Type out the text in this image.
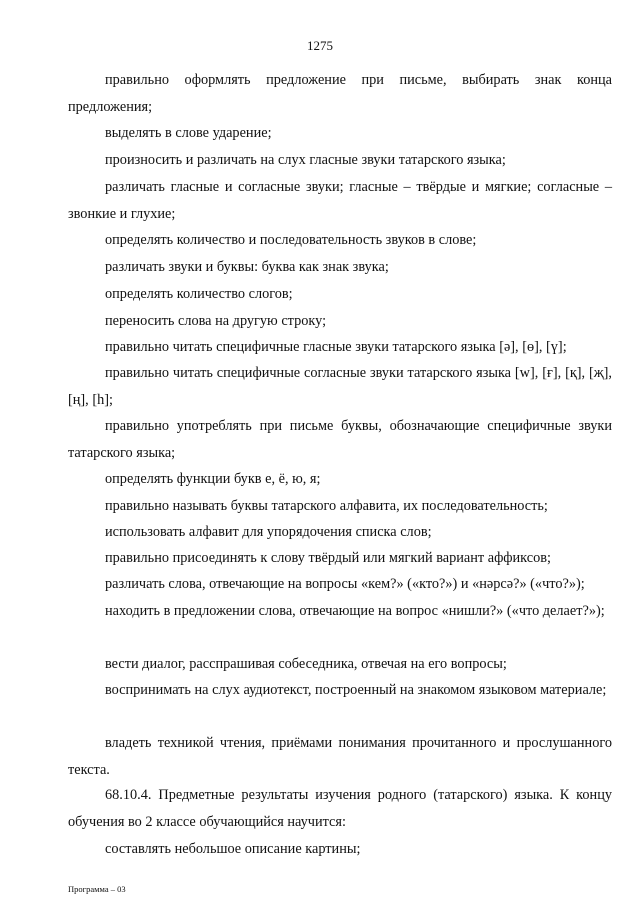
1275
правильно оформлять предложение при письме, выбирать знак конца предложения;
выделять в слове ударение;
произносить и различать на слух гласные звуки татарского языка;
различать гласные и согласные звуки; гласные – твёрдые и мягкие; согласные – звонкие и глухие;
определять количество и последовательность звуков в слове;
различать звуки и буквы: буква как знак звука;
определять количество слогов;
переносить слова на другую строку;
правильно читать специфичные гласные звуки татарского языка [ə], [ө], [ү];
правильно читать специфичные согласные звуки татарского языка [w], [ғ], [қ], [җ], [ң], [һ];
правильно употреблять при письме буквы, обозначающие специфичные звуки татарского языка;
определять функции букв е, ё, ю, я;
правильно называть буквы татарского алфавита, их последовательность;
использовать алфавит для упорядочения списка слов;
правильно присоединять к слову твёрдый или мягкий вариант аффиксов;
различать слова, отвечающие на вопросы «кем?» («кто?») и «нәрсә?» («что?»);
находить в предложении слова, отвечающие на вопрос «нишли?» («что делает?»);
вести диалог, расспрашивая собеседника, отвечая на его вопросы;
воспринимать на слух аудиотекст, построенный на знакомом языковом материале;
владеть техникой чтения, приёмами понимания прочитанного и прослушанного текста.
68.10.4. Предметные результаты изучения родного (татарского) языка. К концу обучения во 2 классе обучающийся научится:
составлять небольшое описание картины;
Программа – 03
